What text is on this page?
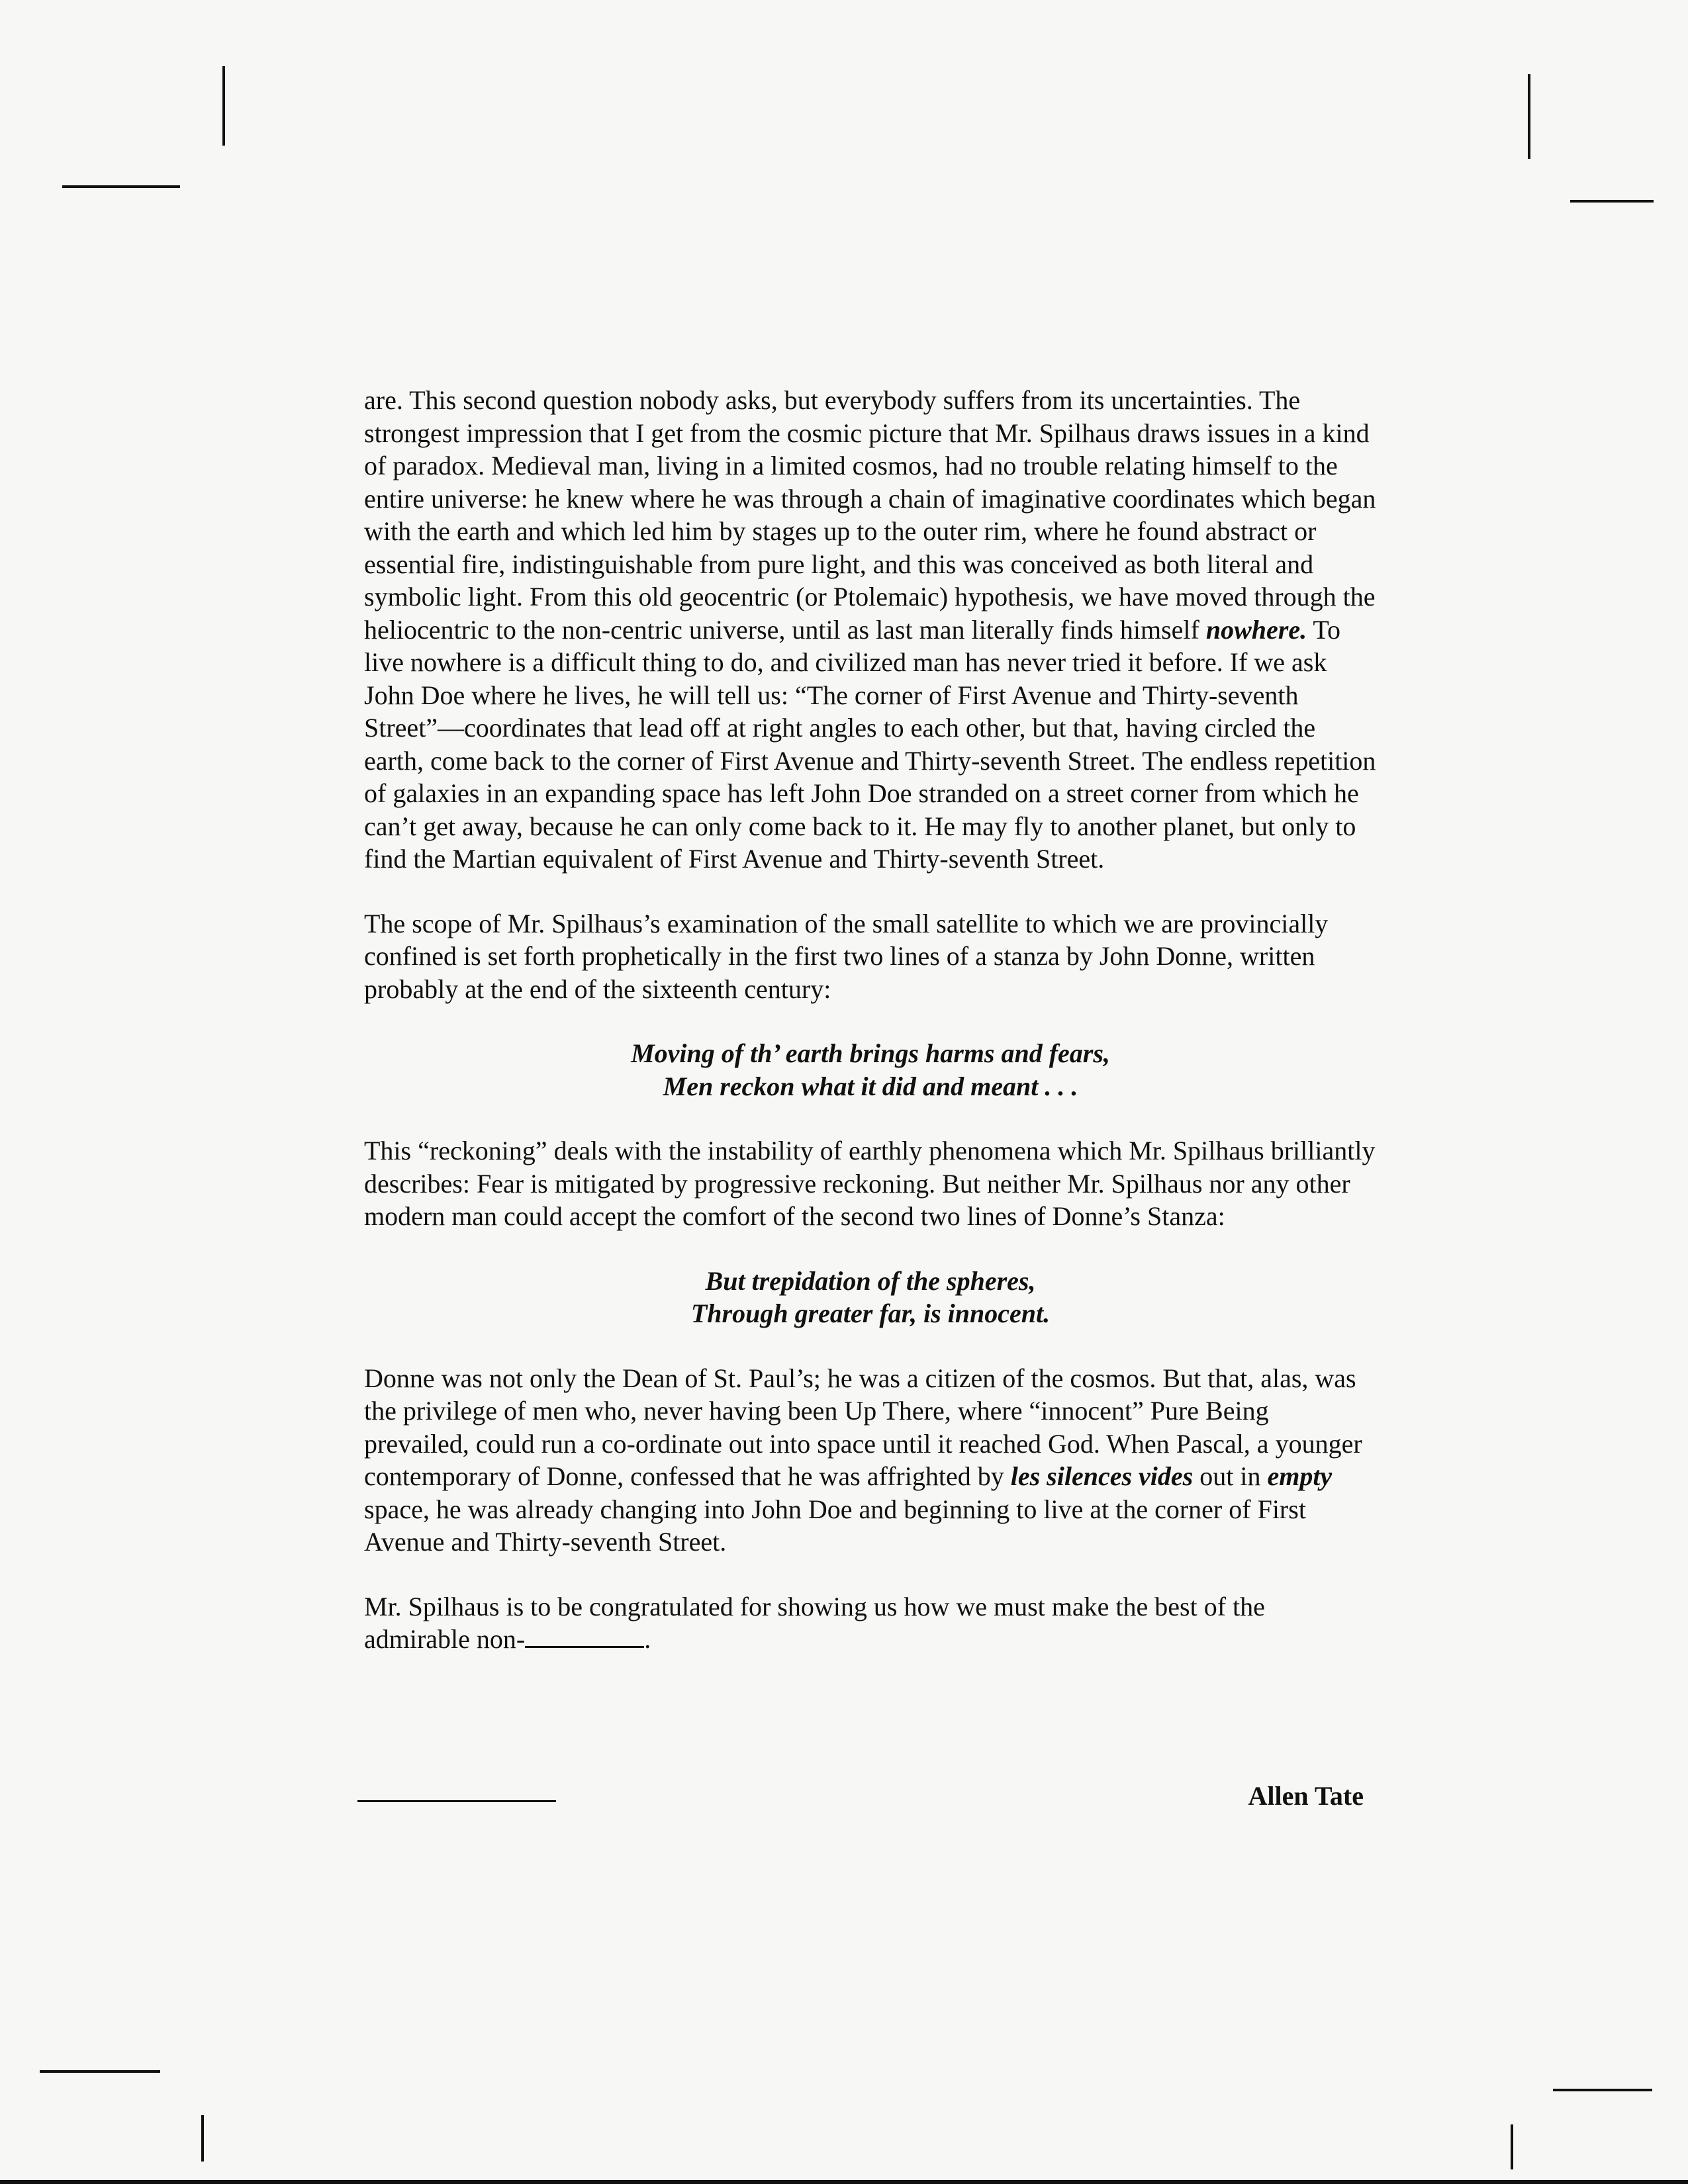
are. This second question nobody asks, but everybody suffers from its uncertainties. The strongest impression that I get from the cosmic picture that Mr. Spilhaus draws issues in a kind of paradox. Medieval man, living in a limited cosmos, had no trouble relating himself to the entire universe: he knew where he was through a chain of imaginative coordinates which began with the earth and which led him by stages up to the outer rim, where he found abstract or essential fire, indistinguishable from pure light, and this was conceived as both literal and symbolic light. From this old geocentric (or Ptolemaic) hypothesis, we have moved through the heliocentric to the non-centric universe, until as last man literally finds himself nowhere. To live nowhere is a difficult thing to do, and civilized man has never tried it before. If we ask John Doe where he lives, he will tell us: “The corner of First Avenue and Thirty-seventh Street”—coordinates that lead off at right angles to each other, but that, having circled the earth, come back to the corner of First Avenue and Thirty-seventh Street. The endless repetition of galaxies in an expanding space has left John Doe stranded on a street corner from which he can’t get away, because he can only come back to it. He may fly to another planet, but only to find the Martian equivalent of First Avenue and Thirty-seventh Street.

The scope of Mr. Spilhaus’s examination of the small satellite to which we are provincially confined is set forth prophetically in the first two lines of a stanza by John Donne, written probably at the end of the sixteenth century:

Moving of th’ earth brings harms and fears,
Men reckon what it did and meant . . .

This “reckoning” deals with the instability of earthly phenomena which Mr. Spilhaus brilliantly describes: Fear is mitigated by progressive reckoning. But neither Mr. Spilhaus nor any other modern man could accept the comfort of the second two lines of Donne’s Stanza:

But trepidation of the spheres,
Through greater far, is innocent.

Donne was not only the Dean of St. Paul’s; he was a citizen of the cosmos. But that, alas, was the privilege of men who, never having been Up There, where “innocent” Pure Being prevailed, could run a co-ordinate out into space until it reached God. When Pascal, a younger contemporary of Donne, confessed that he was affrighted by les silences vides out in empty space, he was already changing into John Doe and beginning to live at the corner of First Avenue and Thirty-seventh Street.

Mr. Spilhaus is to be congratulated for showing us how we must make the best of the admirable non-	.

Allen Tate
